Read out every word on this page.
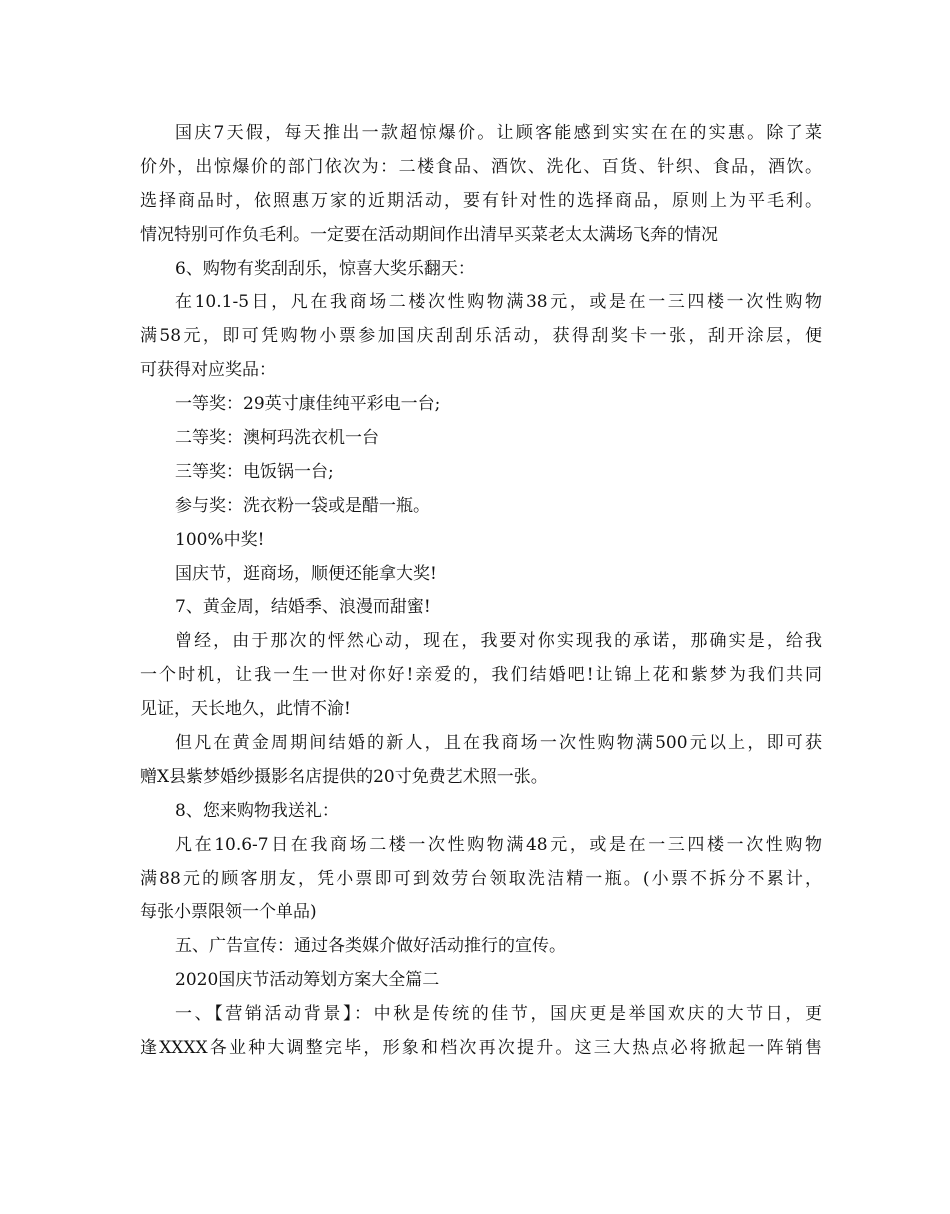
国庆7天假，每天推出一款超惊爆价。让顾客能感到实实在在的实惠。除了菜
价外，出惊爆价的部门依次为：二楼食品、酒饮、洗化、百货、针织、食品，酒饮。
选择商品时，依照惠万家的近期活动，要有针对性的选择商品，原则上为平毛利。
情况特别可作负毛利。一定要在活动期间作出清早买菜老太太满场飞奔的情况
6、购物有奖刮刮乐，惊喜大奖乐翻天：
在10.1-5日，凡在我商场二楼次性购物满38元，或是在一三四楼一次性购物
满58元，即可凭购物小票参加国庆刮刮乐活动，获得刮奖卡一张，刮开涂层，便
可获得对应奖品：
一等奖：29英寸康佳纯平彩电一台;
二等奖：澳柯玛洗衣机一台
三等奖：电饭锅一台;
参与奖：洗衣粉一袋或是醋一瓶。
100%中奖!
国庆节，逛商场，顺便还能拿大奖!
7、黄金周，结婚季、浪漫而甜蜜!
曾经，由于那次的怦然心动，现在，我要对你实现我的承诺，那确实是，给我
一个时机，让我一生一世对你好!亲爱的，我们结婚吧!让锦上花和紫梦为我们共同
见证，天长地久，此情不渝!
但凡在黄金周期间结婚的新人，且在我商场一次性购物满500元以上，即可获
赠X县紫梦婚纱摄影名店提供的20寸免费艺术照一张。
8、您来购物我送礼：
凡在10.6-7日在我商场二楼一次性购物满48元，或是在一三四楼一次性购物
满88元的顾客朋友，凭小票即可到效劳台领取洗洁精一瓶。(小票不拆分不累计，
每张小票限领一个单品)
五、广告宣传：通过各类媒介做好活动推行的宣传。
2020国庆节活动筹划方案大全篇二
一、【营销活动背景】：中秋是传统的佳节，国庆更是举国欢庆的大节日，更
逢XXXX各业种大调整完毕，形象和档次再次提升。这三大热点必将掀起一阵销售
